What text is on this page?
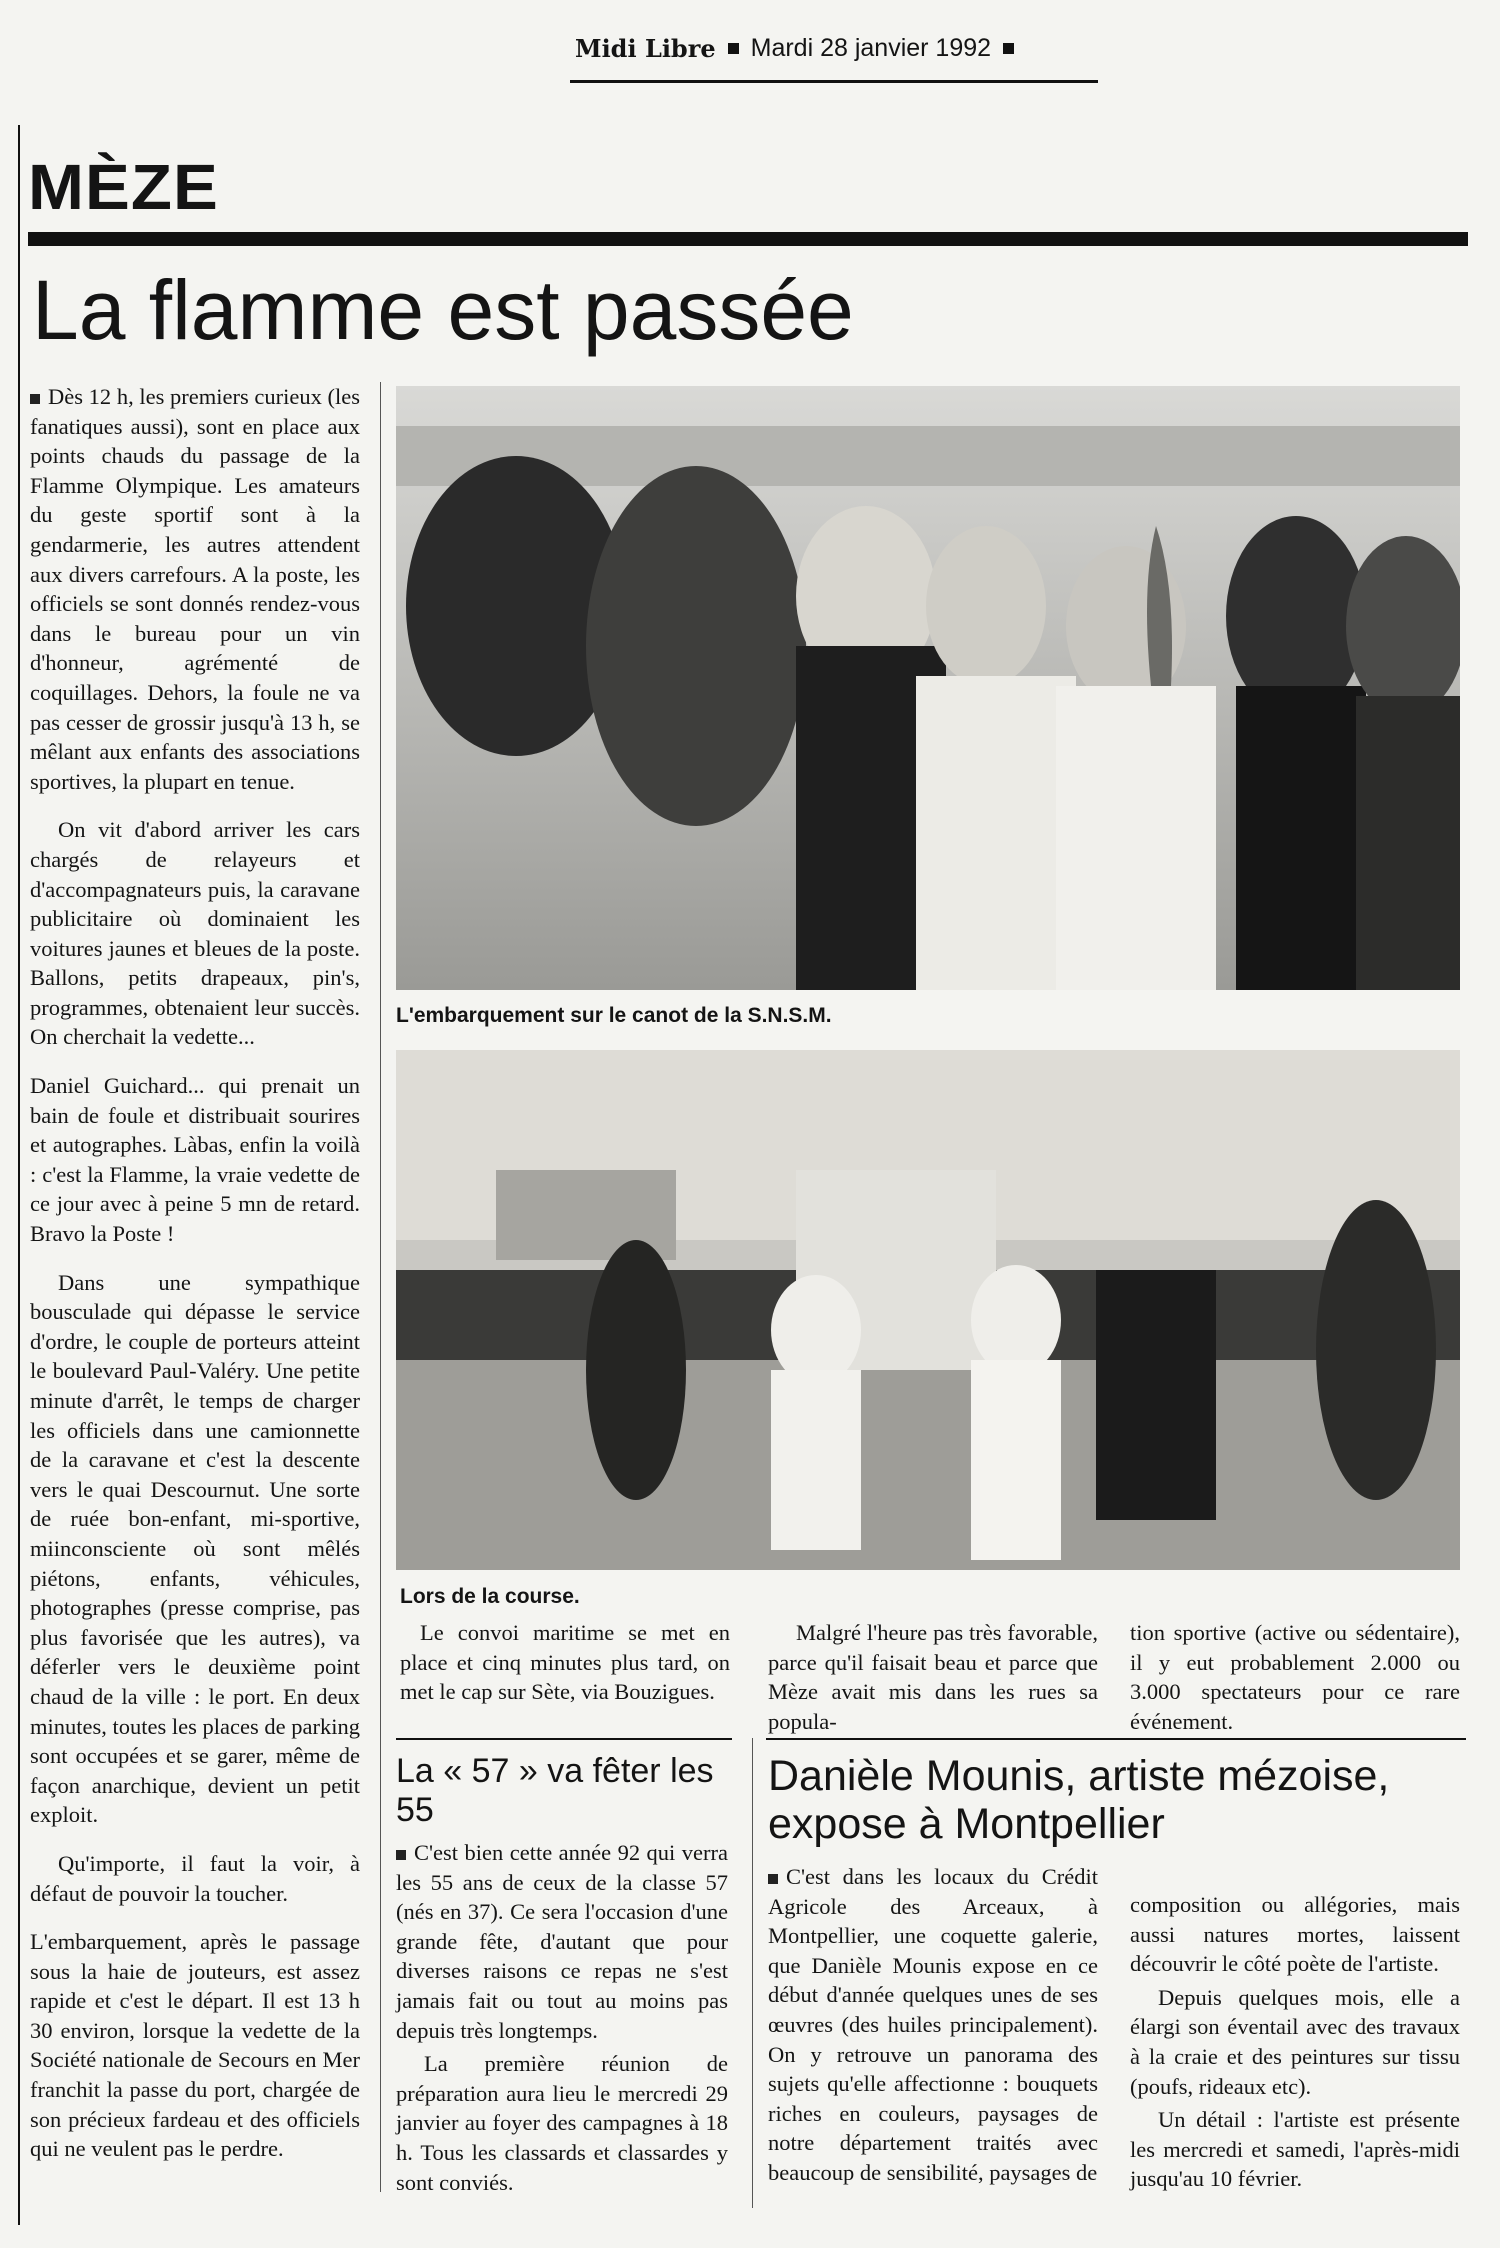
Midi Libre Mardi 28 janvier 1992
MÈZE
La flamme est passée

Dès 12 h, les premiers curieux (les fanatiques aussi), sont en place aux points chauds du passage de la Flamme Olympique. Les amateurs du geste sportif sont à la gendarmerie, les autres attendent aux divers carrefours. A la poste, les officiels se sont donnés rendez-vous dans le bureau pour un vin d'honneur, agrémenté de coquillages. Dehors, la foule ne va pas cesser de grossir jusqu'à 13 h, se mêlant aux enfants des associations sportives, la plupart en tenue.

On vit d'abord arriver les cars chargés de relayeurs et d'accompagnateurs puis, la caravane publicitaire où dominaient les voitures jaunes et bleues de la poste. Ballons, petits drapeaux, pin's, programmes, obtenaient leur succès. On cherchait la vedette...

Daniel Guichard... qui prenait un bain de foule et distribuait sourires et autographes. Làbas, enfin la voilà : c'est la Flamme, la vraie vedette de ce jour avec à peine 5 mn de retard. Bravo la Poste !

Dans une sympathique bousculade qui dépasse le service d'ordre, le couple de porteurs atteint le boulevard Paul-Valéry. Une petite minute d'arrêt, le temps de charger les officiels dans une camionnette de la caravane et c'est la descente vers le quai Descournut. Une sorte de ruée bon-enfant, mi-sportive, miinconsciente où sont mêlés piétons, enfants, véhicules, photographes (presse comprise, pas plus favorisée que les autres), va déferler vers le deuxième point chaud de la ville : le port. En deux minutes, toutes les places de parking sont occupées et se garer, même de façon anarchique, devient un petit exploit.

Qu'importe, il faut la voir, à défaut de pouvoir la toucher.

L'embarquement, après le passage sous la haie de jouteurs, est assez rapide et c'est le départ. Il est 13 h 30 environ, lorsque la vedette de la Société nationale de Secours en Mer franchit la passe du port, chargée de son précieux fardeau et des officiels qui ne veulent pas le perdre.

L'embarquement sur le canot de la S.N.S.M.
Lors de la course.
Le convoi maritime se met en place et cinq minutes plus tard, on met le cap sur Sète, via Bouzigues.
Malgré l'heure pas très favorable, parce qu'il faisait beau et parce que Mèze avait mis dans les rues sa popula-
tion sportive (active ou sédentaire), il y eut probablement 2.000 ou 3.000 spectateurs pour ce rare événement.
La « 57 » va fêter les 55

C'est bien cette année 92 qui verra les 55 ans de ceux de la classe 57 (nés en 37). Ce sera l'occasion d'une grande fête, d'autant que pour diverses raisons ce repas ne s'est jamais fait ou tout au moins pas depuis très longtemps.

La première réunion de préparation aura lieu le mercredi 29 janvier au foyer des campagnes à 18 h. Tous les classards et classardes y sont conviés.

Danièle Mounis, artiste mézoise, expose à Montpellier
C'est dans les locaux du Crédit Agricole des Arceaux, à Montpellier, une coquette galerie, que Danièle Mounis expose en ce début d'année quelques unes de ses œuvres (des huiles principalement). On y retrouve un panorama des sujets qu'elle affectionne : bouquets riches en couleurs, paysages de notre département traités avec beaucoup de sensibilité, paysages de

composition ou allégories, mais aussi natures mortes, laissent découvrir le côté poète de l'artiste.

Depuis quelques mois, elle a élargi son éventail avec des travaux à la craie et des peintures sur tissu (poufs, rideaux etc).

Un détail : l'artiste est présente les mercredi et samedi, l'après-midi jusqu'au 10 février.
